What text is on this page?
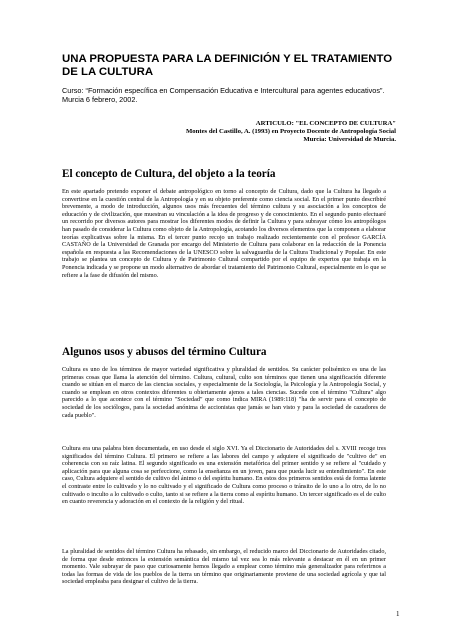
UNA PROPUESTA PARA LA DEFINICIÓN Y EL TRATAMIENTO DE LA CULTURA
Curso: “Formación específica en Compensación Educativa e Intercultural para agentes educativos”. Murcia 6 febrero, 2002.
ARTICULO: "EL CONCEPTO DE CULTURA"
Montes del Castillo, A. (1993) en Proyecto Docente de Antropología Social
Murcia: Universidad de Murcia.
El concepto de Cultura, del objeto a la teoría
En este apartado pretendo exponer el debate antropológico en torno al concepto de Cultura, dado que la Cultura ha llegado a convertirse en la cuestión central de la Antropología y en su objeto preferente como ciencia social. En el primer punto describiré brevemente, a modo de introducción, algunos usos más frecuentes del término cultura y su asociación a los conceptos de educación y de civilización, que muestran su vinculación a la idea de progreso y de conocimiento. En el segundo punto efectuaré un recorrido por diversos autores para mostrar los diferentes modos de definir la Cultura y para subrayar cómo los antropólogos han pasado de considerar la Cultura como objeto de la Antropología, acotando los diversos elementos que la componen a elaborar teorías explicativas sobre la misma. En el tercer punto recojo un trabajo realizado recientemente con el profesor GARCÍA CASTAÑO de la Universidad de Granada por encargo del Ministerio de Cultura para colaborar en la redacción de la Ponencia española en respuesta a las Recomendaciones de la UNESCO sobre la salvaguardia de la Cultura Tradicional y Popular. En este trabajo se plantea un concepto de Cultura y de Patrimonio Cultural compartido por el equipo de expertos que trabaja en la Ponencia indicada y se propone un modo alternativo de abordar el tratamiento del Patrimonio Cultural, especialmente en lo que se refiere a la fase de difusión del mismo.
Algunos usos y abusos del término Cultura
Cultura es uno de los términos de mayor variedad significativa y pluralidad de sentidos. Su carácter polisémico es una de las primeras cosas que llama la atención del término. Cultura, cultural, culto son términos que tienen una significación diferente cuando se sitúan en el marco de las ciencias sociales, y especialmente de la Sociología, la Psicología y la Antropología Social, y cuando se emplean en otros contextos diferentes u obiertamente ajenos a tales ciencias. Sucede con el término "Cultura" algo parecido a lo que acontece con el término "Sociedad" que como indica MIRA (1989:118) "ha de servir para el concepto de sociedad de los sociólogos, para la sociedad anónima de accionistas que jamás se han visto y para la sociedad de cazadores de cada pueblo".
Cultura era una palabra bien documentada, en uso desde el siglo XVI. Ya el Diccionario de Autoridades del s. XVIII recoge tres significados del término Cultura. El primero se refiere a las labores del campo y adquiere el significado de "cultivo de" en coherencia con su raíz latina. El segundo significado es una extensión metafórica del primer sentido y se refiere al "cuidado y aplicación para que alguna cosa se perfeccione, como la enseñanza en un joven, para que pueda lucir su entendimiento". En este caso, Cultura adquiere el sentido de cultivo del ánimo o del espíritu humano. En estos dos primeros sentidos está de forma latente el contraste entre lo cultivado y lo no cultivado y el significado de Cultura como proceso o tránsito de lo uno a lo otro, de lo no cultivado o inculto a lo cultivado o culto, tanto si se refiere a la tierra como al espíritu humano. Un tercer significado es el de culto en cuanto reverencia y adoración en el contexto de la religión y del ritual.
La pluralidad de sentidos del término Cultura ha rebasado, sin embargo, el reducido marco del Diccionario de Autoridades citado, de forma que desde entonces la extensión semántica del mismo tal vez sea lo más relevante a destacar en él en un primer momento. Vale subrayar de paso que curiosamente hemos llegado a emplear como término más generalizador para referirnos a todas las formas de vida de los pueblos de la tierra un término que originariamente proviene de una sociedad agrícola y que tal sociedad empleaba para designar el cultivo de la tierra.
1
